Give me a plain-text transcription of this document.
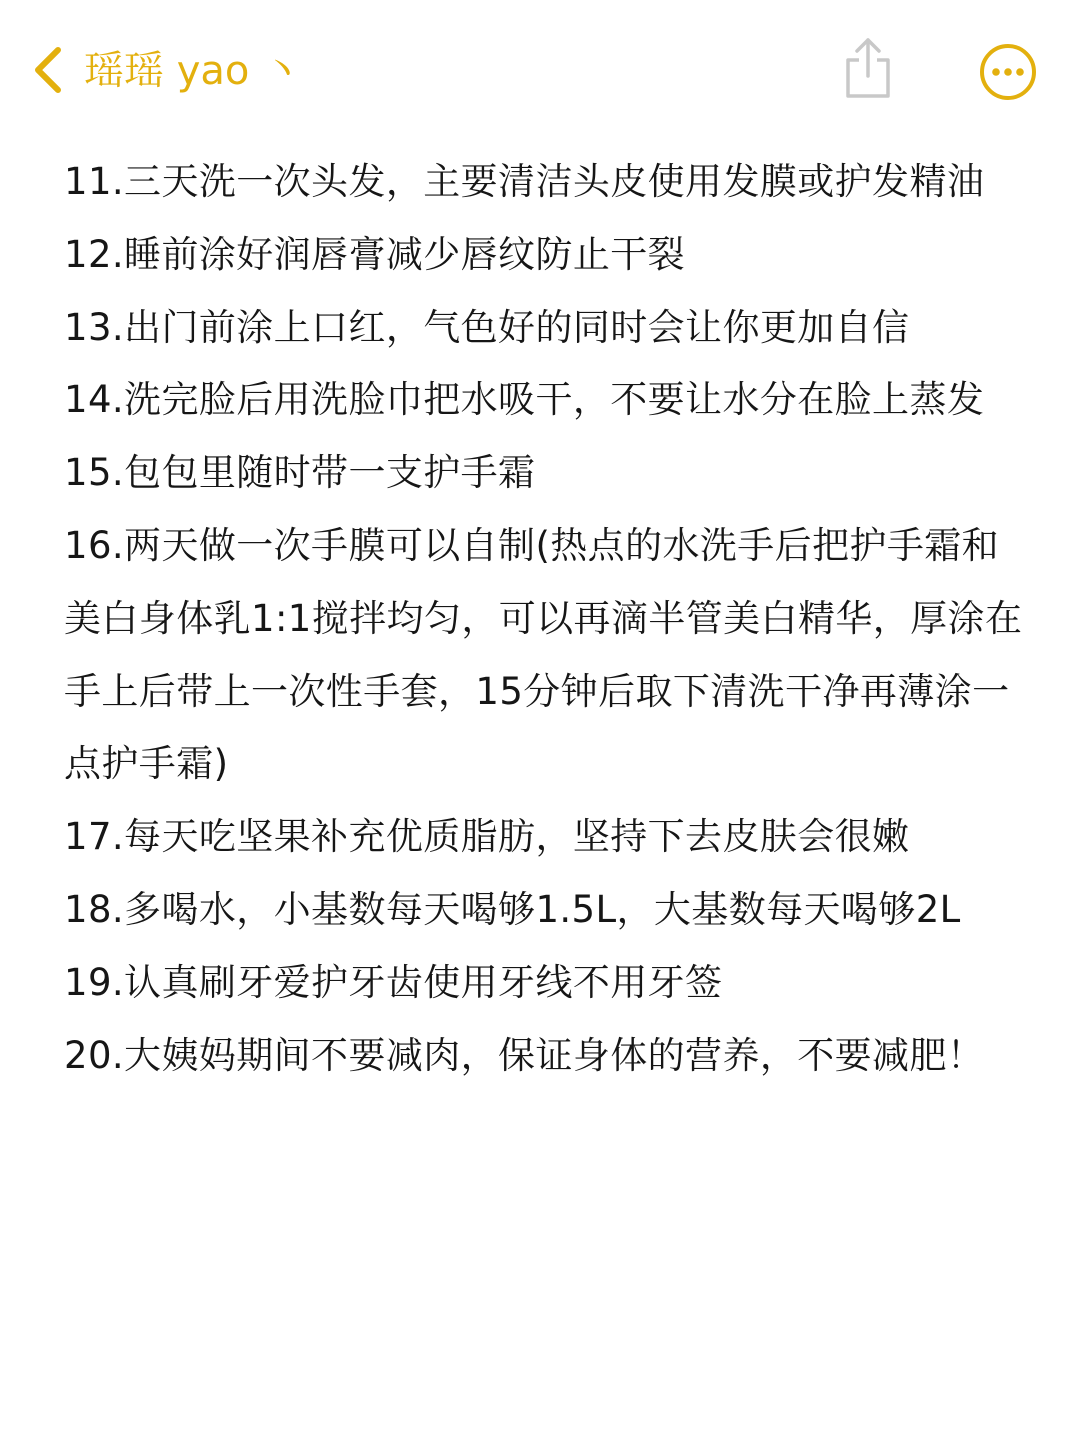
瑶瑶 yao 丶
11.三天洗一次头发，主要清洁头皮使用发膜或护发精油
12.睡前涂好润唇膏减少唇纹防止干裂
13.出门前涂上口红，气色好的同时会让你更加自信
14.洗完脸后用洗脸巾把水吸干，不要让水分在脸上蒸发
15.包包里随时带一支护手霜
16.两天做一次手膜可以自制(热点的水洗手后把护手霜和美白身体乳1:1搅拌均匀，可以再滴半管美白精华，厚涂在手上后带上一次性手套，15分钟后取下清洗干净再薄涂一点护手霜)
17.每天吃坚果补充优质脂肪，坚持下去皮肤会很嫩
18.多喝水，小基数每天喝够1.5L，大基数每天喝够2L
19.认真刷牙爱护牙齿使用牙线不用牙签
20.大姨妈期间不要减肉，保证身体的营养，不要减肥！
